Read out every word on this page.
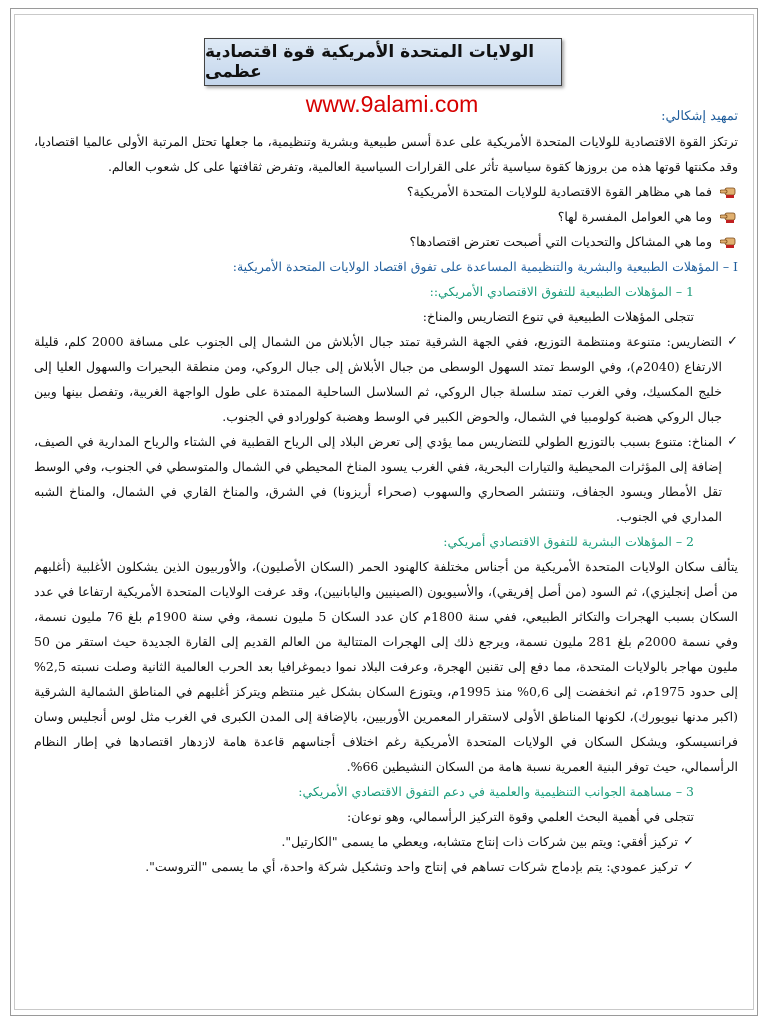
الولايات المتحدة الأمريكية قوة اقتصادية عظمى
www.9alami.com	تمهيد إشكالي:

ترتكز القوة الاقتصادية للولايات المتحدة الأمريكية على عدة أسس طبيعية وبشرية وتنظيمية، ما جعلها تحتل المرتبة الأولى عالميا اقتصاديا، وقد مكنتها قوتها هذه من بروزها كقوة سياسية تأثر على القرارات السياسية العالمية، وتفرض ثقافتها على كل شعوب العالم.

فما هي مظاهر القوة الاقتصادية للولايات المتحدة الأمريكية؟

وما هي العوامل المفسرة لها؟

وما هي المشاكل والتحديات التي أصبحت تعترض اقتصادها؟

I – المؤهلات الطبيعية والبشرية والتنظيمية المساعدة على تفوق اقتصاد الولايات المتحدة الأمريكية:

1 – المؤهلات الطبيعية للتفوق الاقتصادي الأمريكي::

تتجلى المؤهلات الطبيعية في تنوع التضاريس والمناخ:

✓
التضاريس: متنوعة ومنتظمة التوزيع، ففي الجهة الشرقية تمتد جبال الأبلاش من الشمال إلى الجنوب على مسافة 2000 كلم، قليلة الارتفاع (2040م)، وفي الوسط تمتد السهول الوسطى من جبال الأبلاش إلى جبال الروكي، ومن منطقة البحيرات والسهول العليا إلى خليج المكسيك، وفي الغرب تمتد سلسلة جبال الروكي، ثم السلاسل الساحلية الممتدة على طول الواجهة الغربية، وتفصل بينها وبين جبال الروكي هضبة كولومبيا في الشمال، والحوض الكبير في الوسط وهضبة كولورادو في الجنوب.

✓
المناخ: متنوع بسبب بالتوزيع الطولي للتضاريس مما يؤدي إلى تعرض البلاد إلى الرياح القطبية في الشتاء والرياح المدارية في الصيف، إضافة إلى المؤثرات المحيطية والتيارات البحرية، ففي الغرب يسود المناخ المحيطي في الشمال والمتوسطي في الجنوب، وفي الوسط تقل الأمطار ويسود الجفاف، وتنتشر الصحاري والسهوب (صحراء أريزونا) في الشرق، والمناخ القاري في الشمال، والمناخ الشبه المداري في الجنوب.

2 – المؤهلات البشرية للتفوق الاقتصادي أمريكي:

يتألف سكان الولايات المتحدة الأمريكية من أجناس مختلفة كالهنود الحمر (السكان الأصليون)، والأوربيون الذين يشكلون الأغلبية (أغلبهم من أصل إنجليزي)، ثم السود (من أصل إفريقي)، والأسيويون (الصينيين واليابانيين)، وقد عرفت الولايات المتحدة الأمريكية ارتفاعا في عدد السكان بسبب الهجرات والتكاثر الطبيعي، ففي سنة 1800م كان عدد السكان 5 مليون نسمة، وفي سنة 1900م بلغ 76 مليون نسمة، وفي نسمة 2000م بلغ 281 مليون نسمة، ويرجع ذلك إلى الهجرات المتتالية من العالم القديم إلى القارة الجديدة حيث استقر من 50 مليون مهاجر بالولايات المتحدة، مما دفع إلى تقنين الهجرة، وعرفت البلاد نموا ديموغرافيا بعد الحرب العالمية الثانية وصلت نسبته 2,5% إلى حدود 1975م، ثم انخفضت إلى 0,6% منذ 1995م، ويتوزع السكان بشكل غير منتظم ويتركز أغلبهم في المناطق الشمالية الشرقية (اكبر مدنها نيويورك)، لكونها المناطق الأولى لاستقرار المعمرين الأوربيين، بالإضافة إلى المدن الكبرى في الغرب مثل لوس أنجليس وسان فرانسيسكو، ويشكل السكان في الولايات المتحدة الأمريكية رغم اختلاف أجناسهم قاعدة هامة لازدهار اقتصادها في إطار النظام الرأسمالي، حيث توفر البنية العمرية نسبة هامة من السكان النشيطين 66%.

3 – مساهمة الجوانب التنظيمية والعلمية في دعم التفوق الاقتصادي الأمريكي:

تتجلى في أهمية البحث العلمي وقوة التركيز الرأسمالي، وهو نوعان:

✓
تركيز أفقي: ويتم بين شركات ذات إنتاج متشابه، ويعطي ما يسمى "الكارتيل".

✓
تركيز عمودي: يتم بإدماج شركات تساهم في إنتاج واحد وتشكيل شركة واحدة، أي ما يسمى "التروست".
